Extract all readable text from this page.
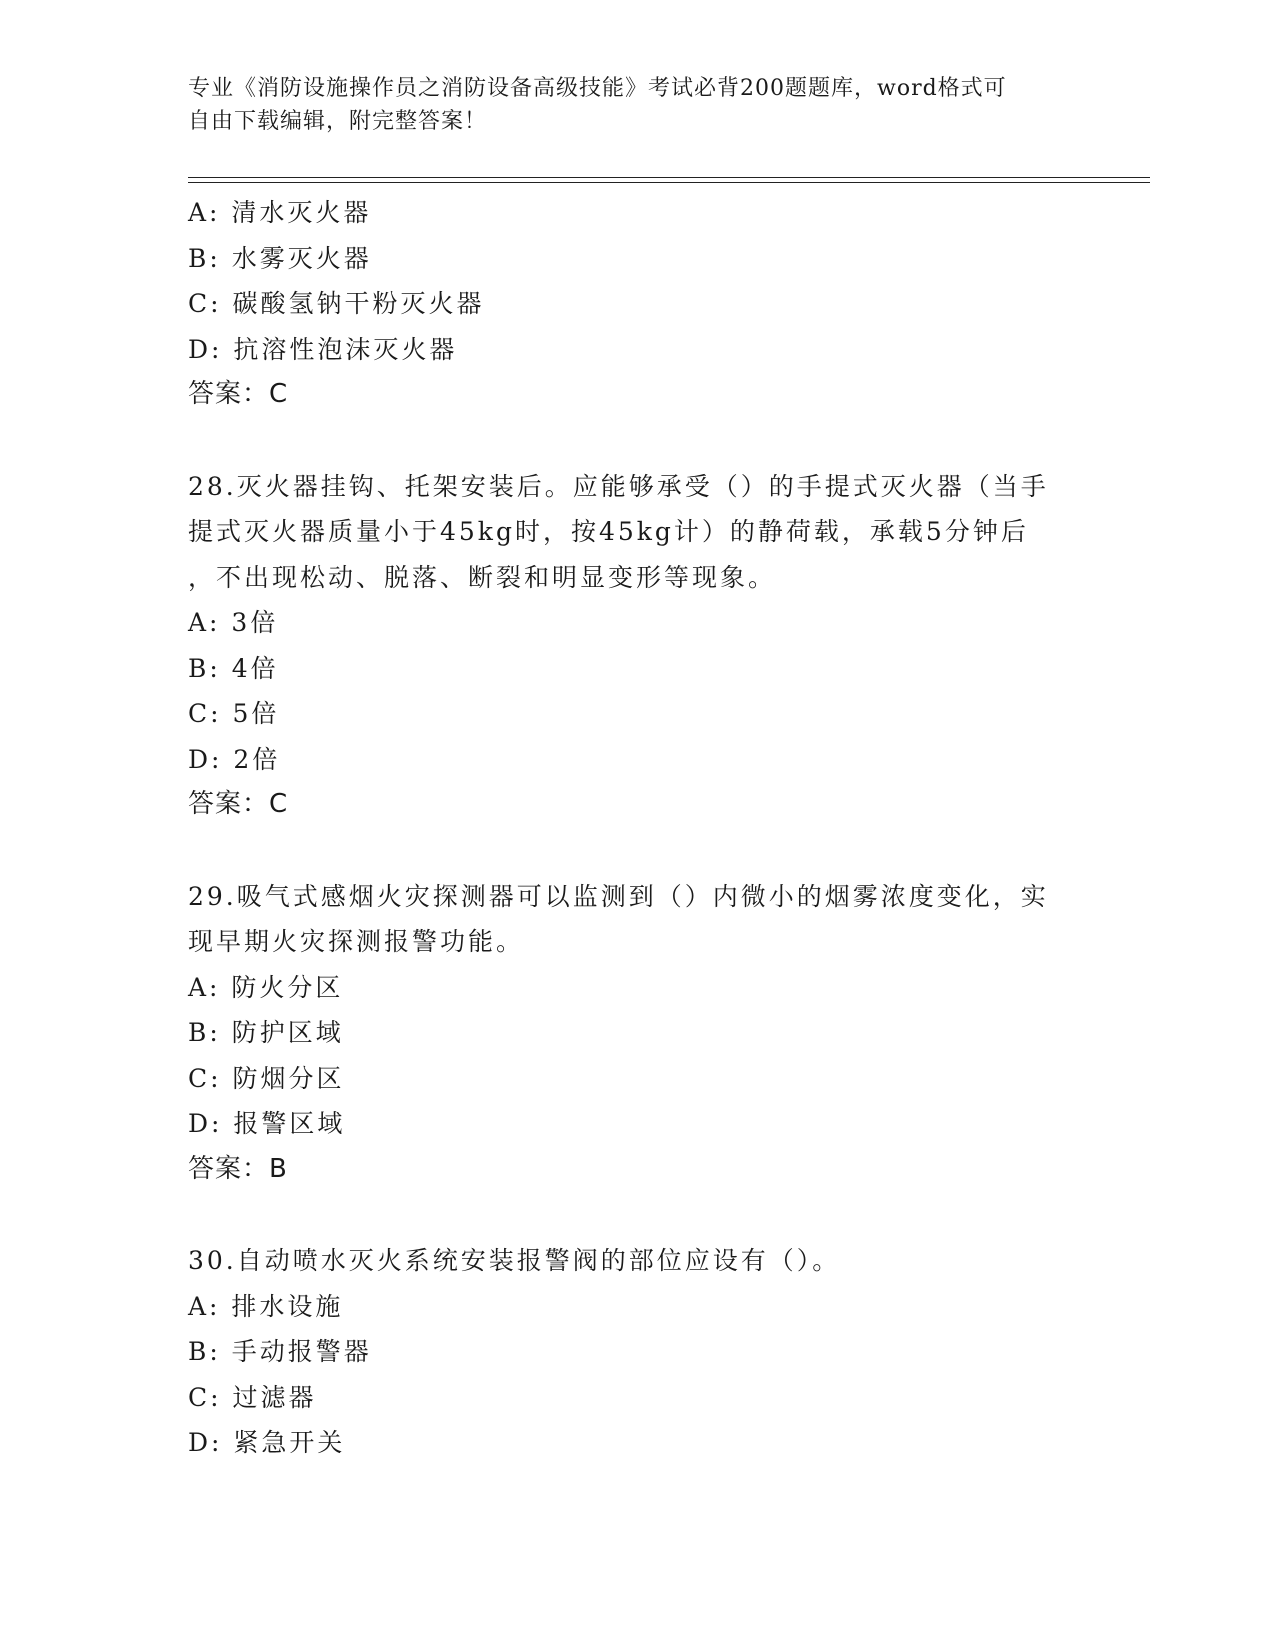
专业《消防设施操作员之消防设备高级技能》考试必背200题题库，word格式可
自由下载编辑，附完整答案！
A: 清水灭火器
B: 水雾灭火器
C: 碳酸氢钠干粉灭火器
D: 抗溶性泡沫灭火器
答案：C
28.灭火器挂钩、托架安装后。应能够承受（）的手提式灭火器（当手
提式灭火器质量小于45kg时，按45kg计）的静荷载，承载5分钟后
，不出现松动、脱落、断裂和明显变形等现象。
A: 3倍
B: 4倍
C: 5倍
D: 2倍
答案：C
29.吸气式感烟火灾探测器可以监测到（）内微小的烟雾浓度变化，实
现早期火灾探测报警功能。
A: 防火分区
B: 防护区域
C: 防烟分区
D: 报警区域
答案：B
30.自动喷水灭火系统安装报警阀的部位应设有（）。
A: 排水设施
B: 手动报警器
C: 过滤器
D: 紧急开关
